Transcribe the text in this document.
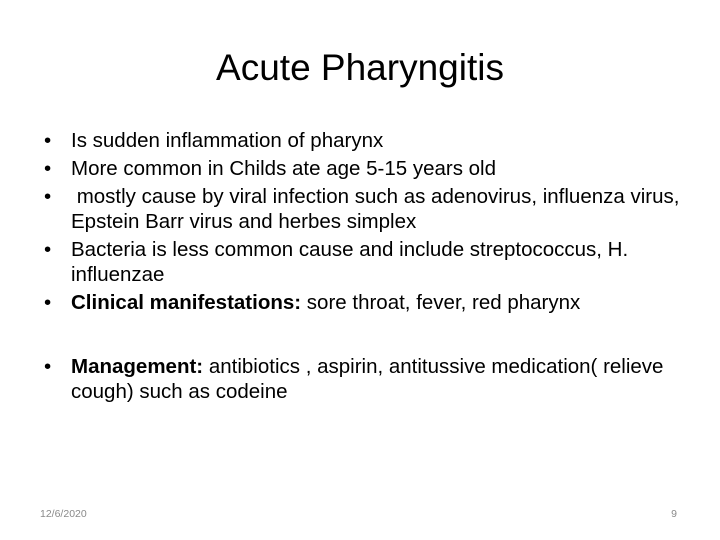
Acute Pharyngitis
• Is sudden inflammation of pharynx
• More common in Childs ate age 5-15 years old
• mostly cause by viral infection such as adenovirus, influenza virus, Epstein Barr virus and herbes simplex
• Bacteria is less common cause and include streptococcus, H. influenzae
• Clinical manifestations: sore throat, fever, red pharynx
• Management: antibiotics , aspirin, antitussive medication( relieve cough) such as codeine
12/6/2020	9
